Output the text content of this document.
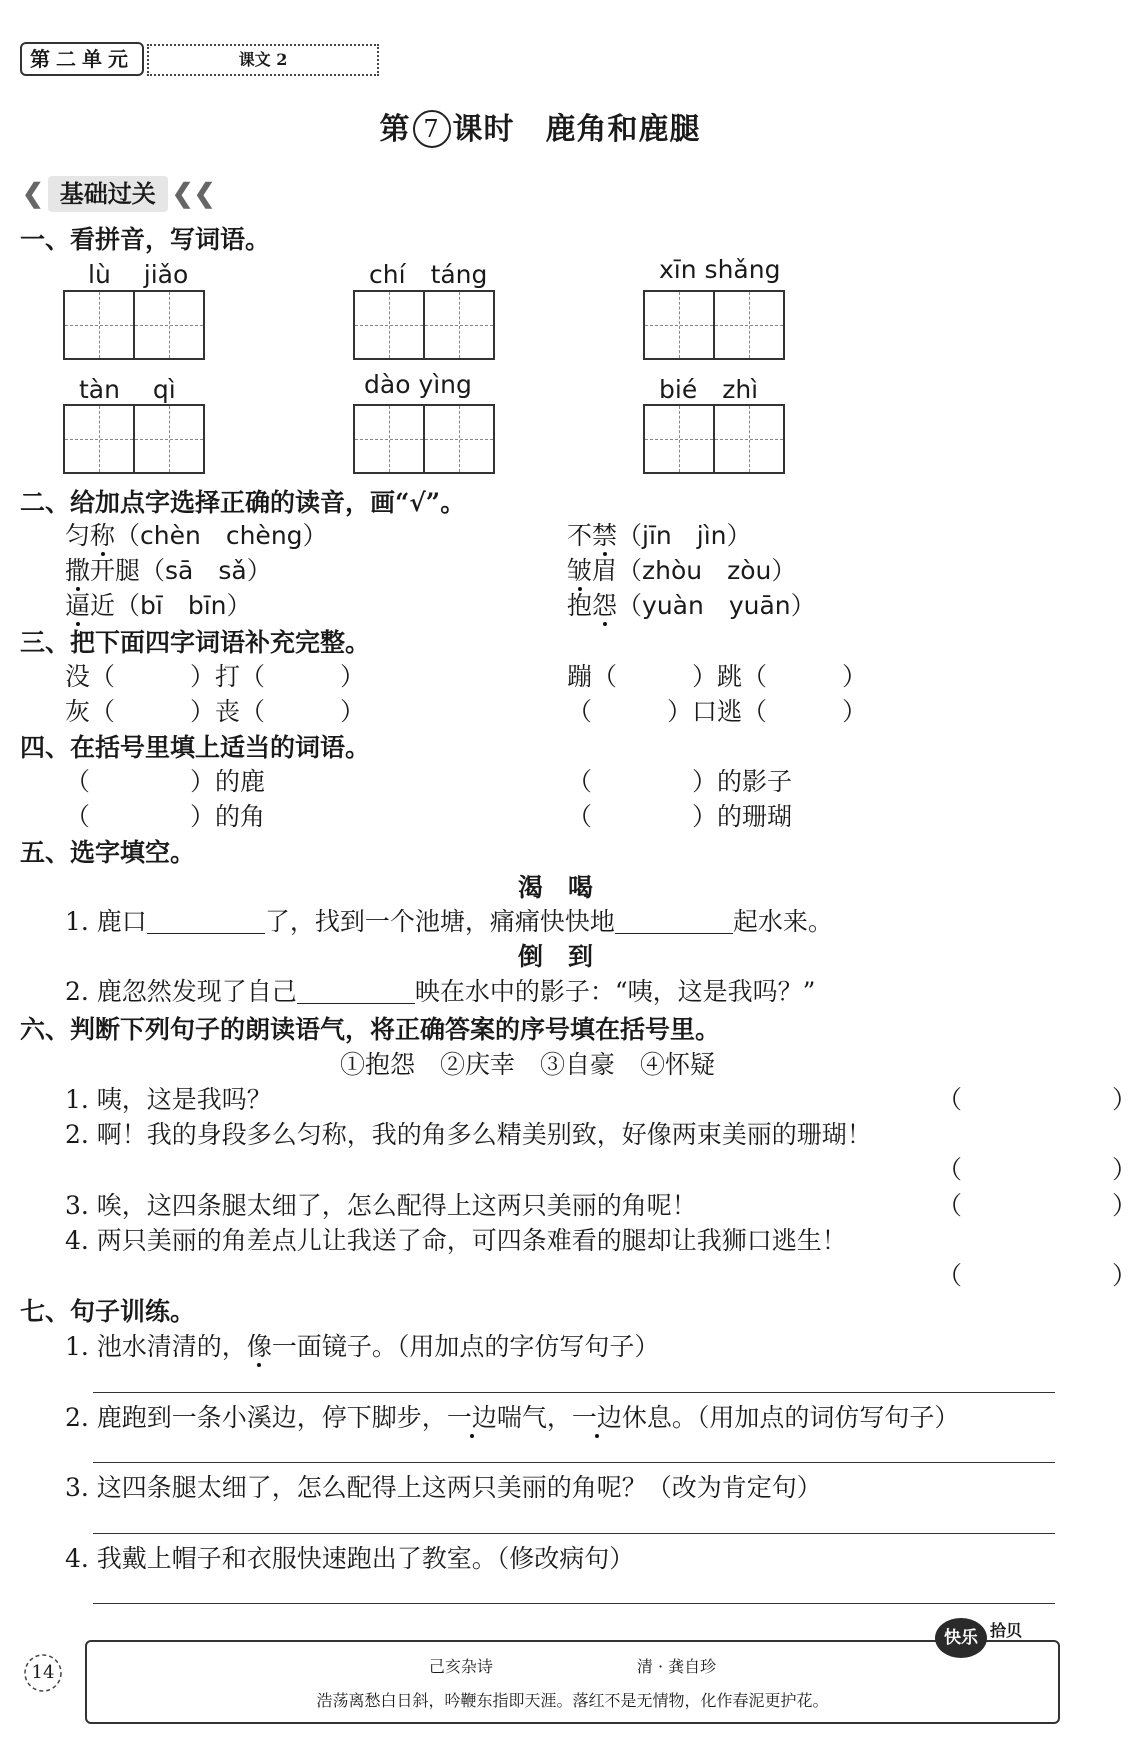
第二单元	课文 2
第 7 课时　 鹿角和鹿腿
❮ 基础过关 ❮❮
一、看拼音，写词语。
lù　 jiǎo	chí　 táng	xīn shǎng
tàn　 qì	dào yìng	bié　 zhì
二、给加点字选择正确的读音，画“√”。
匀称（chèn　chèng）	不禁（jīn　jìn）
撒开腿（sā　sǎ）	皱眉（zhòu　zòu）
逼近（bī　bīn）	抱怨（yuàn　yuān）
三、把下面四字词语补充完整。
没（　　　）打（　　　）	蹦（　　　）跳（　　　）
灰（　　　）丧（　　　）	（　　　）口逃（　　　）
四、在括号里填上适当的词语。
（　　　　）的鹿	（　　　　）的影子
（　　　　）的角	（　　　　）的珊瑚
五、选字填空。
渴　喝
1. 鹿口	了，找到一个池塘，痛痛快快地	起水来。
倒　到
2. 鹿忽然发现了自己	映在水中的影子：“咦，这是我吗？”
六、判断下列句子的朗读语气，将正确答案的序号填在括号里。
①抱怨　②庆幸　③自豪　④怀疑
1. 咦，这是我吗？	（　　　　　　）
2. 啊！我的身段多么匀称，我的角多么精美别致，好像两束美丽的珊瑚！
（　　　　　　）
3. 唉，这四条腿太细了，怎么配得上这两只美丽的角呢！	（　　　　　　）
4. 两只美丽的角差点儿让我送了命，可四条难看的腿却让我狮口逃生！
（　　　　　　）
七、句子训练。
1. 池水清清的，像一面镜子。（用加点的字仿写句子）
2. 鹿跑到一条小溪边，停下脚步，一边喘气，一边休息。（用加点的词仿写句子）
3. 这四条腿太细了，怎么配得上这两只美丽的角呢？（改为肯定句）
4. 我戴上帽子和衣服快速跑出了教室。（修改病句）
14	己亥杂诗　　　　　　　　　	清 · 龚自珍
浩荡离愁白日斜，吟鞭东指即天涯。落红不是无情物，化作春泥更护花。
快乐 拾贝
